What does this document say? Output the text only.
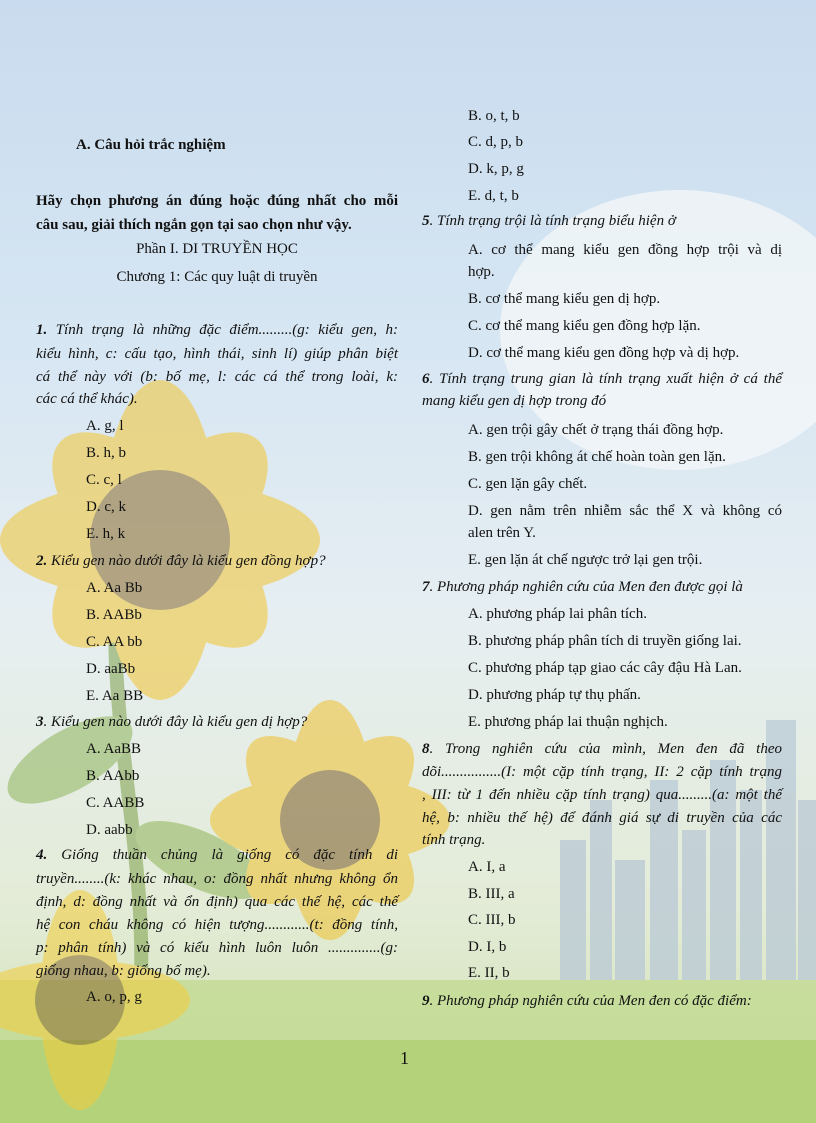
A. Câu hỏi trắc nghiệm
Hãy chọn phương án đúng hoặc đúng nhất cho mỗi
câu sau, giải thích ngắn gọn tại sao chọn như vậy.
Phần I. DI TRUYỀN HỌC
Chương 1: Các quy luật di truyền
1. Tính trạng là những đặc điểm.........(g: kiểu gen, h:
kiểu hình, c: cấu tạo, hình thái, sinh lí) giúp phân biệt
cá thể này với (b: bố mẹ, l: các cá thể trong loài, k:
các cá thể khác).
A. g, l
B. h, b
C. c, l
D. c, k
E. h, k
2. Kiểu gen nào dưới đây là kiểu gen đồng hợp?
A. Aa Bb
B. AABb
C. AA bb
D. aaBb
E. Aa BB
3. Kiểu gen nào dưới đây là kiểu gen dị hợp?
A. AaBB
B. AAbb
C. AABB
D. aabb
4. Giống thuần chủng là giống có đặc tính di
truyền........(k: khác nhau, o: đồng nhất nhưng không ổn
định, d: đồng nhất và ổn định) qua các thế hệ, các thế
hệ con cháu không có hiện tượng............(t: đồng tính,
p: phân tính) và có kiểu hình luôn luôn ..............(g:
giống nhau, b: giống bố mẹ).
A. o, p, g
B. o, t, b
C. d, p, b
D. k, p, g
E. d, t, b
5. Tính trạng trội là tính trạng biểu hiện ở
A. cơ thể mang kiểu gen đồng hợp trội và dị
hợp.
B. cơ thể mang kiểu gen dị hợp.
C. cơ thể mang kiểu gen đồng hợp lặn.
D. cơ thể mang kiểu gen đồng hợp và dị hợp.
6. Tính trạng trung gian là tính trạng xuất hiện ở cá thể
mang kiểu gen dị hợp trong đó
A. gen trội gây chết ở trạng thái đồng hợp.
B. gen trội không át chế hoàn toàn gen lặn.
C. gen lặn gây chết.
D. gen nằm trên nhiễm sắc thể X và không có
alen trên Y.
E. gen lặn át chế ngược trở lại gen trội.
7. Phương pháp nghiên cứu của Men đen được gọi là
A. phương pháp lai phân tích.
B. phương pháp phân tích di truyền giống lai.
C. phương pháp tạp giao các cây đậu Hà Lan.
D. phương pháp tự thụ phấn.
E. phương pháp lai thuận nghịch.
8. Trong nghiên cứu của mình, Men đen đã theo
dõi................(I: một cặp tính trạng, II: 2 cặp tính trạng
, III: từ 1 đến nhiều cặp tính trạng) qua.........(a: một thế
hệ, b: nhiều thế hệ) để đánh giá sự di truyền của các
tính trạng.
A. I, a
B. III, a
C. III, b
D. I, b
E. II, b
9. Phương pháp nghiên cứu của Men đen có đặc điểm:
1
